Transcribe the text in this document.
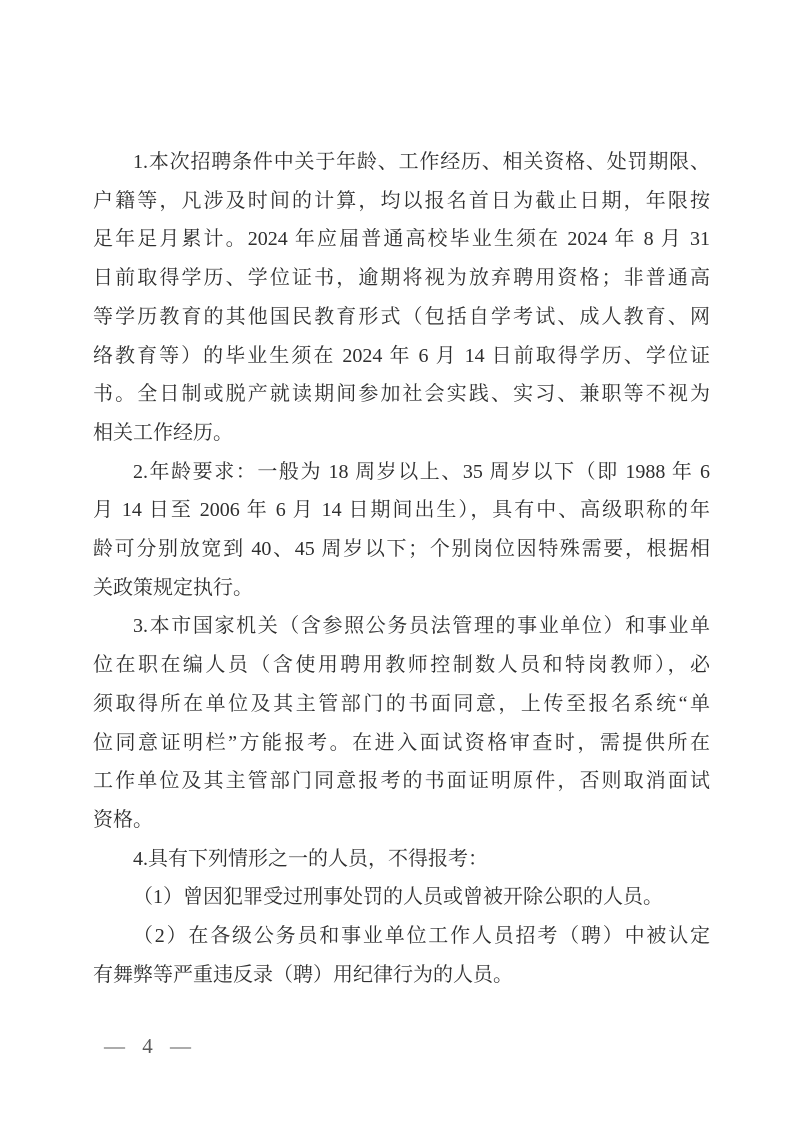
1.本次招聘条件中关于年龄、工作经历、相关资格、处罚期限、
户籍等，凡涉及时间的计算，均以报名首日为截止日期，年限按
足年足月累计。2024 年应届普通高校毕业生须在 2024 年 8 月 31
日前取得学历、学位证书，逾期将视为放弃聘用资格；非普通高
等学历教育的其他国民教育形式（包括自学考试、成人教育、网
络教育等）的毕业生须在 2024 年 6 月 14 日前取得学历、学位证
书。全日制或脱产就读期间参加社会实践、实习、兼职等不视为
相关工作经历。

2.年龄要求：一般为 18 周岁以上、35 周岁以下（即 1988 年 6
月 14 日至 2006 年 6 月 14 日期间出生），具有中、高级职称的年
龄可分别放宽到 40、45 周岁以下；个别岗位因特殊需要，根据相
关政策规定执行。

3.本市国家机关（含参照公务员法管理的事业单位）和事业单
位在职在编人员（含使用聘用教师控制数人员和特岗教师），必
须取得所在单位及其主管部门的书面同意，上传至报名系统“单
位同意证明栏”方能报考。在进入面试资格审查时，需提供所在
工作单位及其主管部门同意报考的书面证明原件，否则取消面试
资格。

4.具有下列情形之一的人员，不得报考：

（1）曾因犯罪受过刑事处罚的人员或曾被开除公职的人员。

（2）在各级公务员和事业单位工作人员招考（聘）中被认定
有舞弊等严重违反录（聘）用纪律行为的人员。

— 4 —
